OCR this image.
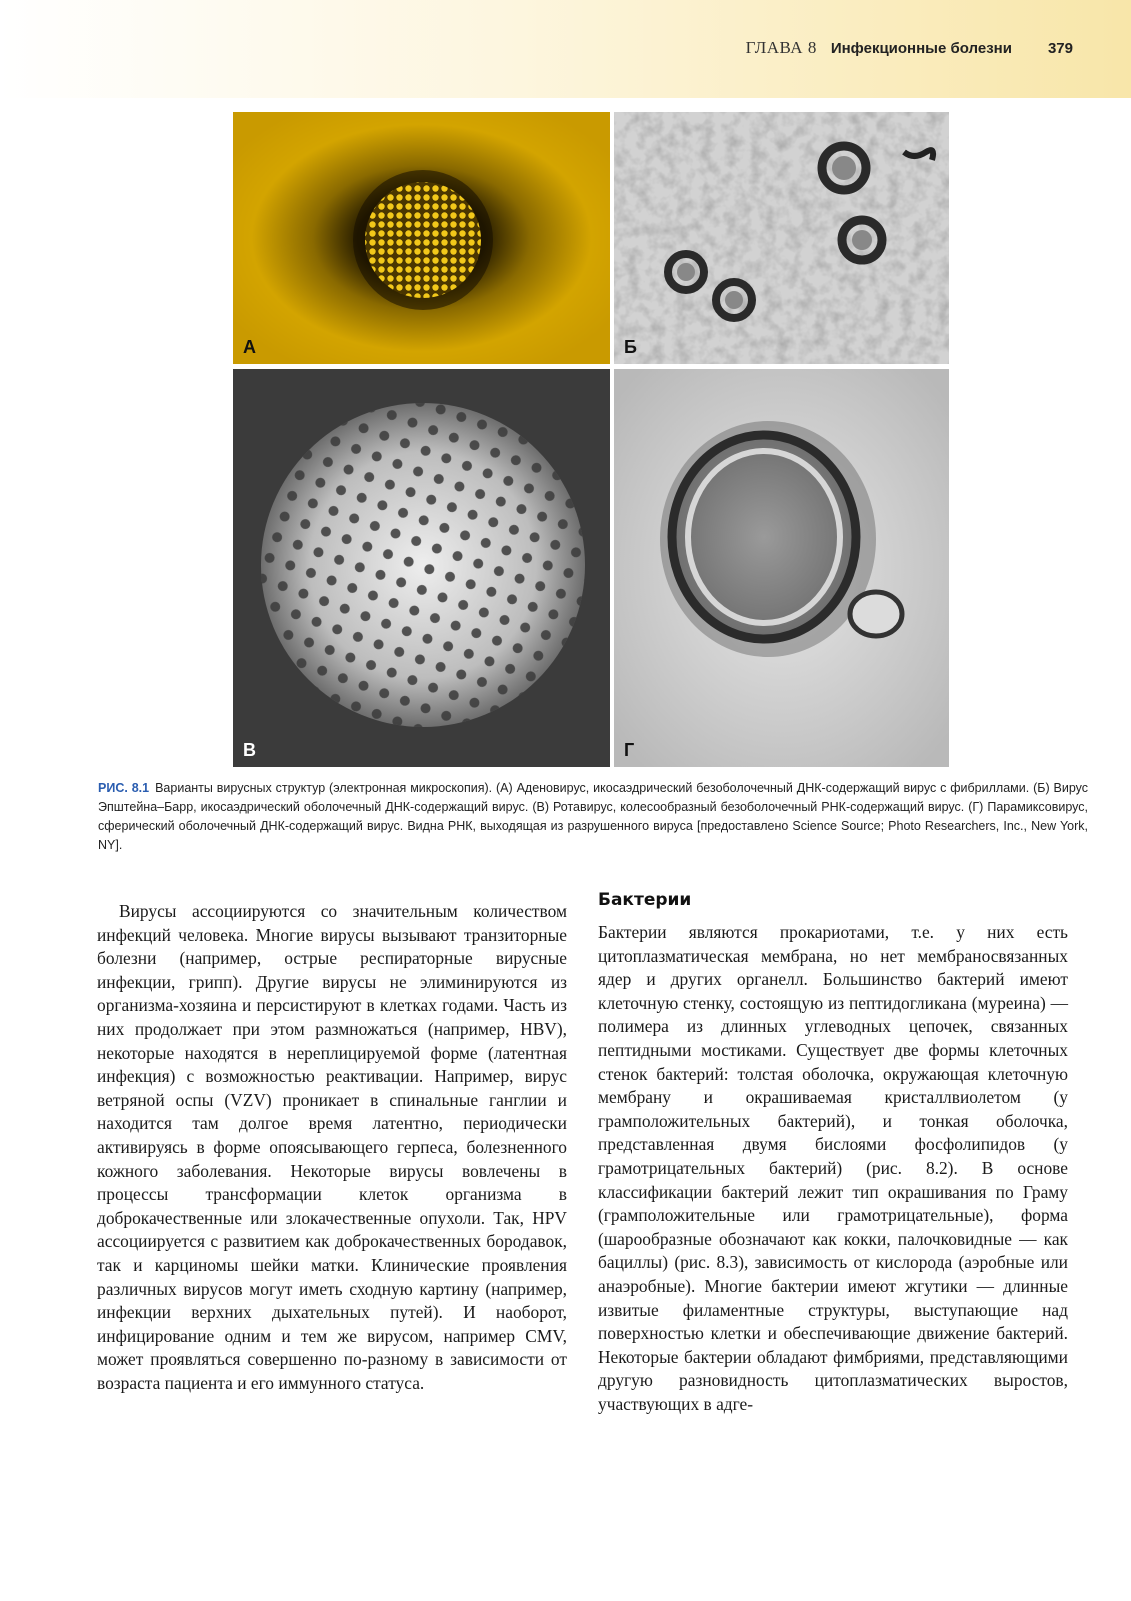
ГЛАВА 8 Инфекционные болезни 379
А	Б
В	Г
РИС. 8.1 Варианты вирусных структур (электронная микроскопия). (А) Аденовирус, икосаэдрический безоболочечный ДНК-содержащий вирус с фибриллами. (Б) Вирус Эпштейна–Барр, икосаэдрический оболочечный ДНК-содержащий вирус. (В) Ротавирус, колесообразный безоболочечный РНК-содержащий вирус. (Г) Парамиксовирус, сферический оболочечный ДНК-содержащий вирус. Видна РНК, выходящая из разрушенного вируса [предоставлено Science Source; Photo Researchers, Inc., New York, NY].

Вирусы ассоциируются со значительным количеством инфекций человека. Многие вирусы вызывают транзиторные болезни (например, острые респираторные вирусные инфекции, грипп). Другие вирусы не элиминируются из организма-хозяина и персистируют в клетках годами. Часть из них продолжает при этом размножаться (например, HBV), некоторые находятся в нереплицируемой форме (латентная инфекция) с возможностью реактивации. Например, вирус ветряной оспы (VZV) проникает в спинальные ганглии и находится там долгое время латентно, периодически активируясь в форме опоясывающего герпеса, болезненного кожного заболевания. Некоторые вирусы вовлечены в процессы трансформации клеток организма в доброкачественные или злокачественные опухоли. Так, HPV ассоциируется с развитием как доброкачественных бородавок, так и карциномы шейки матки. Клинические проявления различных вирусов могут иметь сходную картину (например, инфекции верхних дыхательных путей). И наоборот, инфицирование одним и тем же вирусом, например CMV, может проявляться совершенно по-разному в зависимости от возраста пациента и его иммунного статуса.

Бактерии

Бактерии являются прокариотами, т.е. у них есть цитоплазматическая мембрана, но нет мембраносвязанных ядер и других органелл. Большинство бактерий имеют клеточную стенку, состоящую из пептидогликана (муреина) — полимера из длинных углеводных цепочек, связанных пептидными мостиками. Существует две формы клеточных стенок бактерий: толстая оболочка, окружающая клеточную мембрану и окрашиваемая кристаллвиолетом (у грамположительных бактерий), и тонкая оболочка, представленная двумя бислоями фосфолипидов (у грамотрицательных бактерий) (рис. 8.2). В основе классификации бактерий лежит тип окрашивания по Граму (грамположительные или грамотрицательные), форма (шарообразные обозначают как кокки, палочковидные — как бациллы) (рис. 8.3), зависимость от кислорода (аэробные или анаэробные). Многие бактерии имеют жгутики — длинные извитые филаментные структуры, выступающие над поверхностью клетки и обеспечивающие движение бактерий. Некоторые бактерии обладают фимбриями, представляющими другую разновидность цитоплазматических выростов, участвующих в адге-
